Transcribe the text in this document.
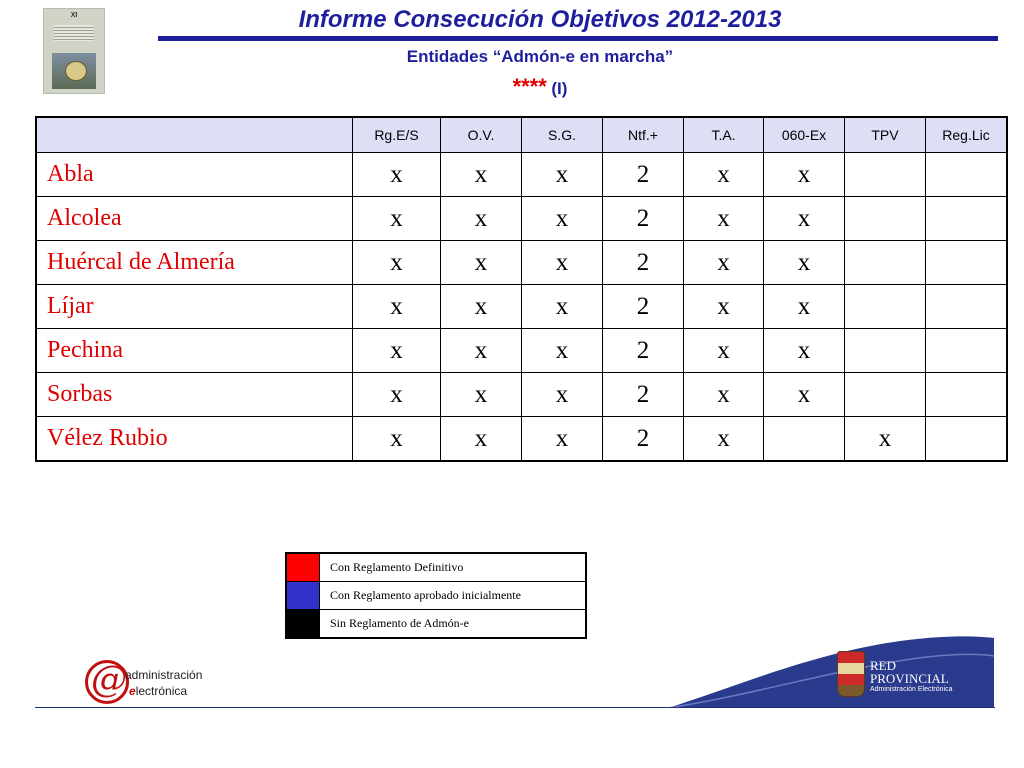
XI	Informe Consecución Objetivos 2012-2013
Entidades “Admón-e en marcha”
**** (I)
	Rg.E/S	O.V.	S.G.	Ntf.+	T.A.	060-Ex	TPV	Reg.Lic
Abla	x	x	x	2	x	x		
Alcolea	x	x	x	2	x	x		
Huércal de Almería	x	x	x	2	x	x		
Líjar	x	x	x	2	x	x		
Pechina	x	x	x	2	x	x		
Sorbas	x	x	x	2	x	x		
Vélez Rubio	x	x	x	2	x		x	
	Con Reglamento Definitivo
	Con Reglamento aprobado inicialmente
	Sin Reglamento de Admón-e
@
administración
electrónica
RED
PROVINCIAL
Administración Electrónica
